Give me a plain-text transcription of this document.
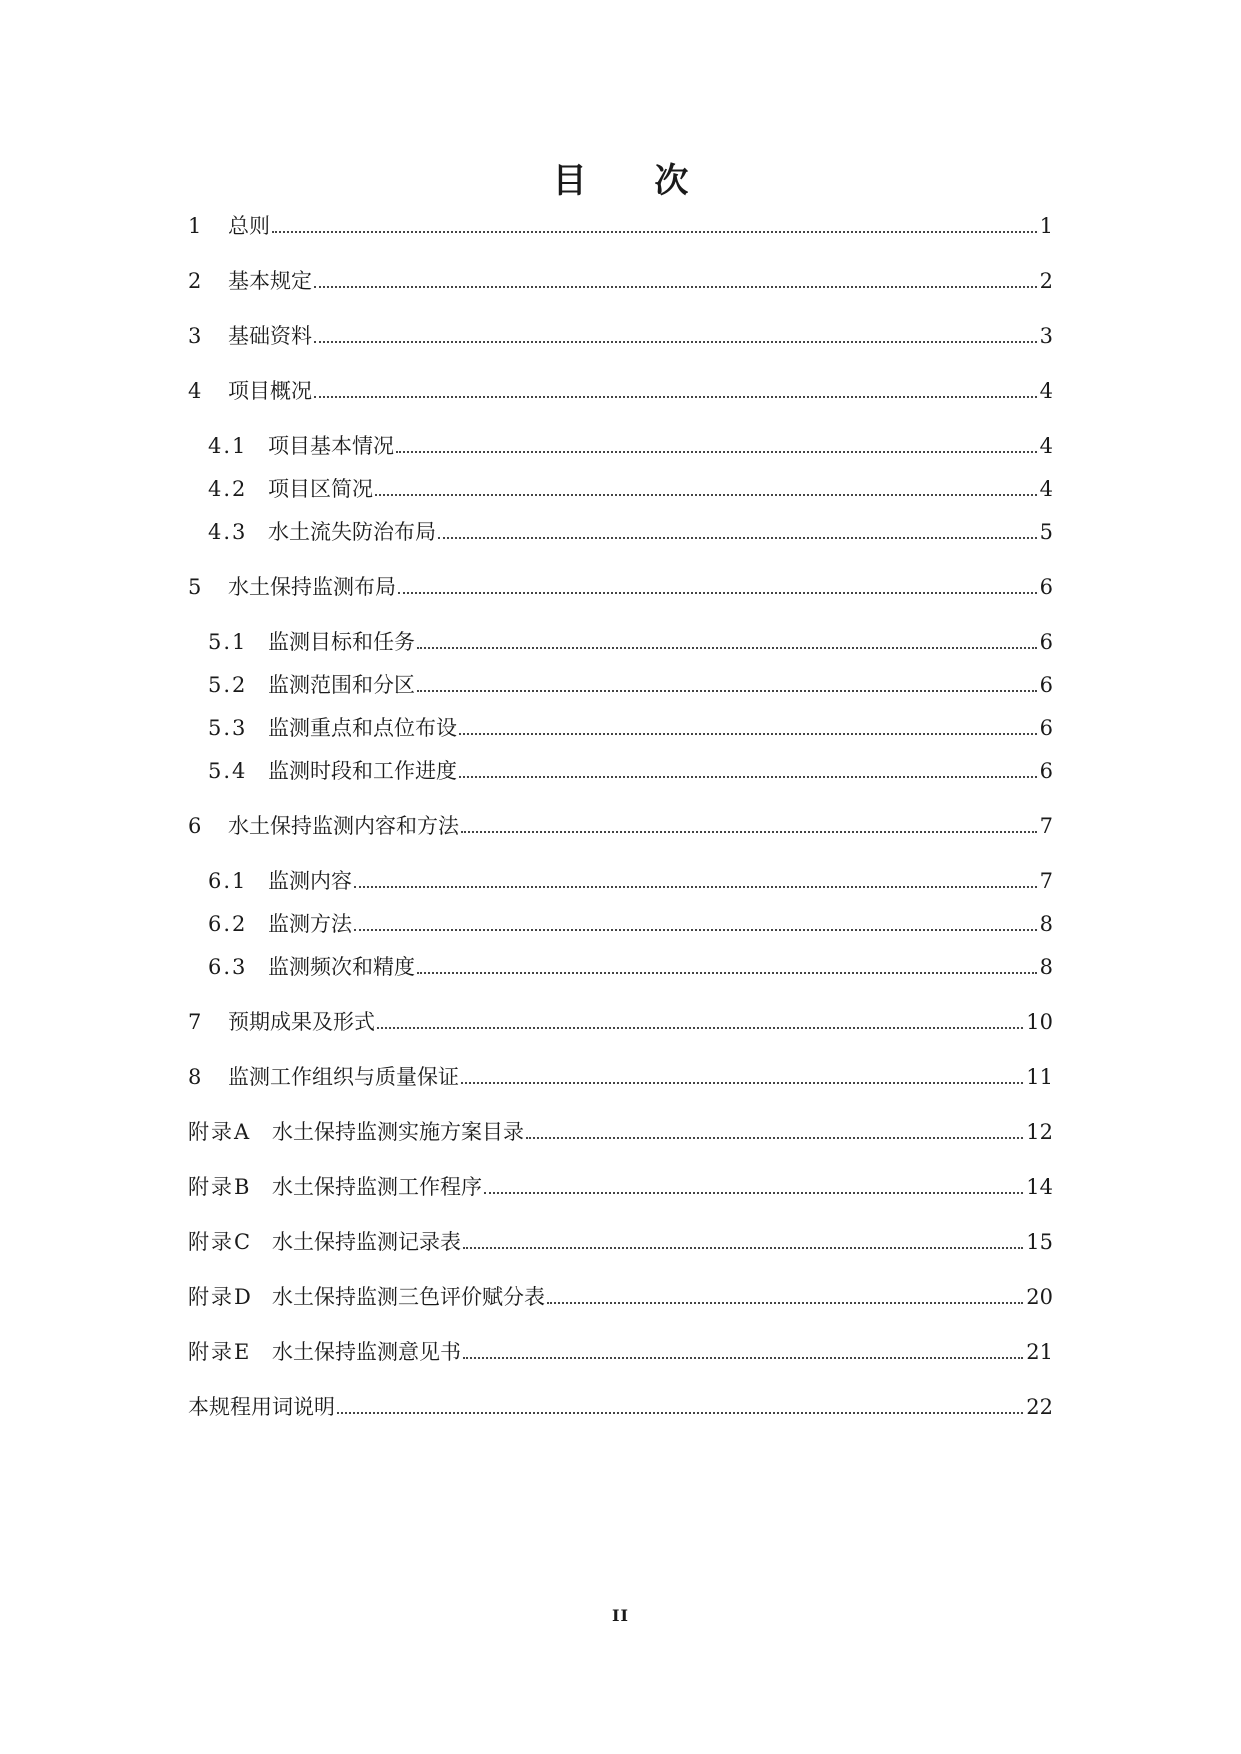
目 次
1	总则	1
2	基本规定	2
3	基础资料	3
4	项目概况	4
4.1 项目基本情况	4
4.2 项目区简况	4
4.3 水土流失防治布局	5
5	水土保持监测布局	6
5.1 监测目标和任务	6
5.2 监测范围和分区	6
5.3 监测重点和点位布设	6
5.4 监测时段和工作进度	6
6	水土保持监测内容和方法	7
6.1 监测内容	7
6.2 监测方法	8
6.3 监测频次和精度	8
7	预期成果及形式	10
8	监测工作组织与质量保证	11
附录A 水土保持监测实施方案目录	12
附录B 水土保持监测工作程序	14
附录C 水土保持监测记录表	15
附录D 水土保持监测三色评价赋分表	20
附录E 水土保持监测意见书	21
本规程用词说明	22
II
